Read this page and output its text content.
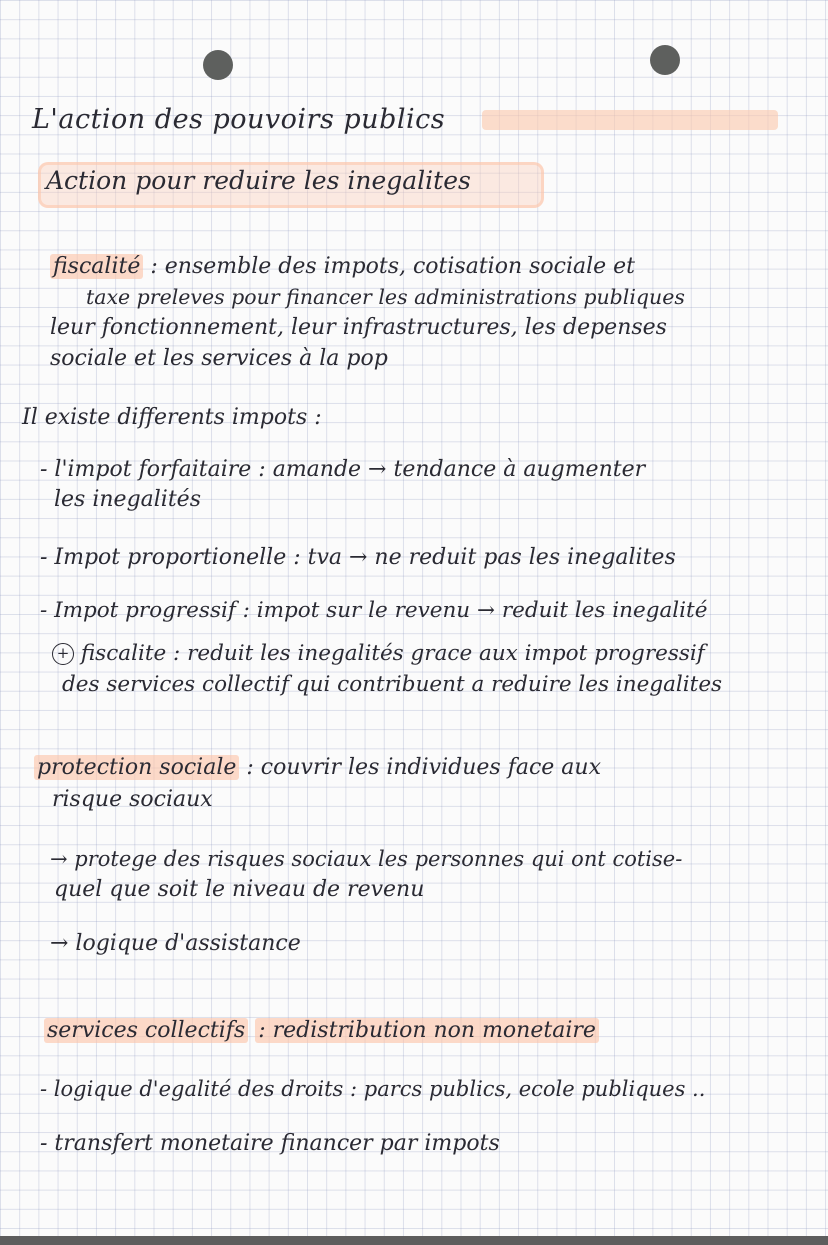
L'action des pouvoirs publics
Action pour reduire les inegalites
fiscalité : ensemble des impots, cotisation sociale et
taxe preleves pour financer les administrations publiques
leur fonctionnement, leur infrastructures, les depenses
sociale et les services à la pop
Il existe differents impots :
- l'impot forfaitaire : amande → tendance à augmenter
les inegalités
- Impot proportionelle : tva → ne reduit pas les inegalites
- Impot progressif : impot sur le revenu → reduit les inegalité
+ fiscalite : reduit les inegalités grace aux impot progressif
des services collectif qui contribuent a reduire les inegalites
protection sociale : couvrir les individues face aux
risque sociaux
→ protege des risques sociaux les personnes qui ont cotise-
quel que soit le niveau de revenu
→ logique d'assistance
services collectifs : redistribution non monetaire
- logique d'egalité des droits : parcs publics, ecole publiques ..
- transfert monetaire financer par impots
